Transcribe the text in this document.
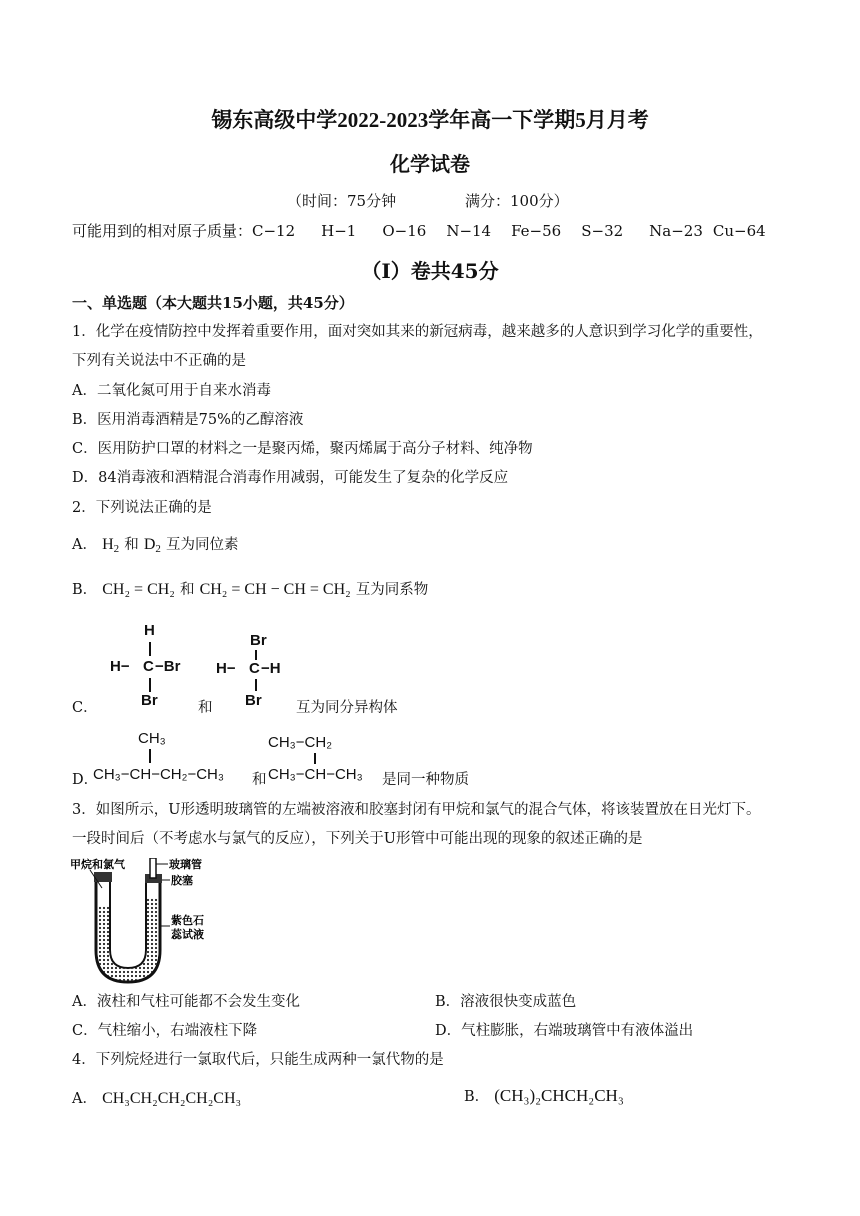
锡东高级中学2022-2023学年高一下学期5月月考
化学试卷
（时间：75分钟	满分：100分）
可能用到的相对原子质量：C−12 H−1 O−16 N−14 Fe−56 S−32 Na−23 Cu−64
（Ⅰ）卷共45分
一、单选题（本大题共15小题，共45分）
1．化学在疫情防控中发挥着重要作用，面对突如其来的新冠病毒，越来越多的人意识到学习化学的重要性，
下列有关说法中不正确的是
A．二氧化氮可用于自来水消毒
B．医用消毒酒精是75%的乙醇溶液
C．医用防护口罩的材料之一是聚丙烯，聚丙烯属于高分子材料、纯净物
D．84消毒液和酒精混合消毒作用减弱，可能发生了复杂的化学反应
2．下列说法正确的是
A． $H_2$ 和 $D_2$ 互为同位素
B． CH₂ = CH₂ 和 CH₂ = CH − CH = CH₂ 互为同系物
C．
H
H− C −Br
Br	和
Br
H− C −H
Br 互为同分异构体
D．
CH₃
CH₃−CH−CH₂−CH₃ 和
CH₃−CH₂
CH₃−CH−CH₃ 是同一种物质
3．如图所示，U形透明玻璃管的左端被溶液和胶塞封闭有甲烷和氯气的混合气体，将该装置放在日光灯下。
一段时间后（不考虑水与氯气的反应），下列关于U形管中可能出现的现象的叙述正确的是
甲烷和氯气	玻璃管
胶塞
紫色石
蕊试液
A．液柱和气柱可能都不会发生变化	B．溶液很快变成蓝色
C．气柱缩小，右端液柱下降	D．气柱膨胀，右端玻璃管中有液体溢出
4．下列烷烃进行一氯取代后，只能生成两种一氯代物的是
A． CH₃CH₂CH₂CH₂CH₃	B． (CH₃)₂CHCH₂CH₃
